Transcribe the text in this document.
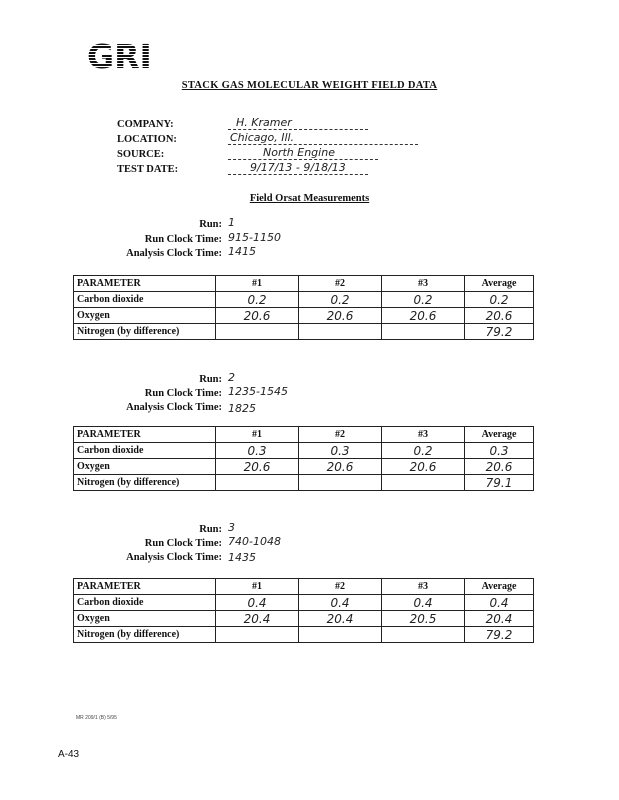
GRI
STACK GAS MOLECULAR WEIGHT FIELD DATA
COMPANY:	H. Kramer
LOCATION:	Chicago, Ill.
SOURCE:	North Engine
TEST DATE:	9/17/13 - 9/18/13
Field Orsat Measurements
Run: 1
Run Clock Time: 915-1150
Analysis Clock Time: 1415
PARAMETER	#1	#2	#3	Average
Carbon dioxide	0.2	0.2	0.2	0.2
Oxygen	20.6	20.6	20.6	20.6
Nitrogen (by difference)				79.2
Run: 2
Run Clock Time: 1235-1545
Analysis Clock Time: 1825
PARAMETER	#1	#2	#3	Average
Carbon dioxide	0.3	0.3	0.2	0.3
Oxygen	20.6	20.6	20.6	20.6
Nitrogen (by difference)				79.1
Run: 3
Run Clock Time: 740-1048
Analysis Clock Time: 1435
PARAMETER	#1	#2	#3	Average
Carbon dioxide	0.4	0.4	0.4	0.4
Oxygen	20.4	20.4	20.5	20.4
Nitrogen (by difference)				79.2
MR 209/1 (B) 5/95
A-43
